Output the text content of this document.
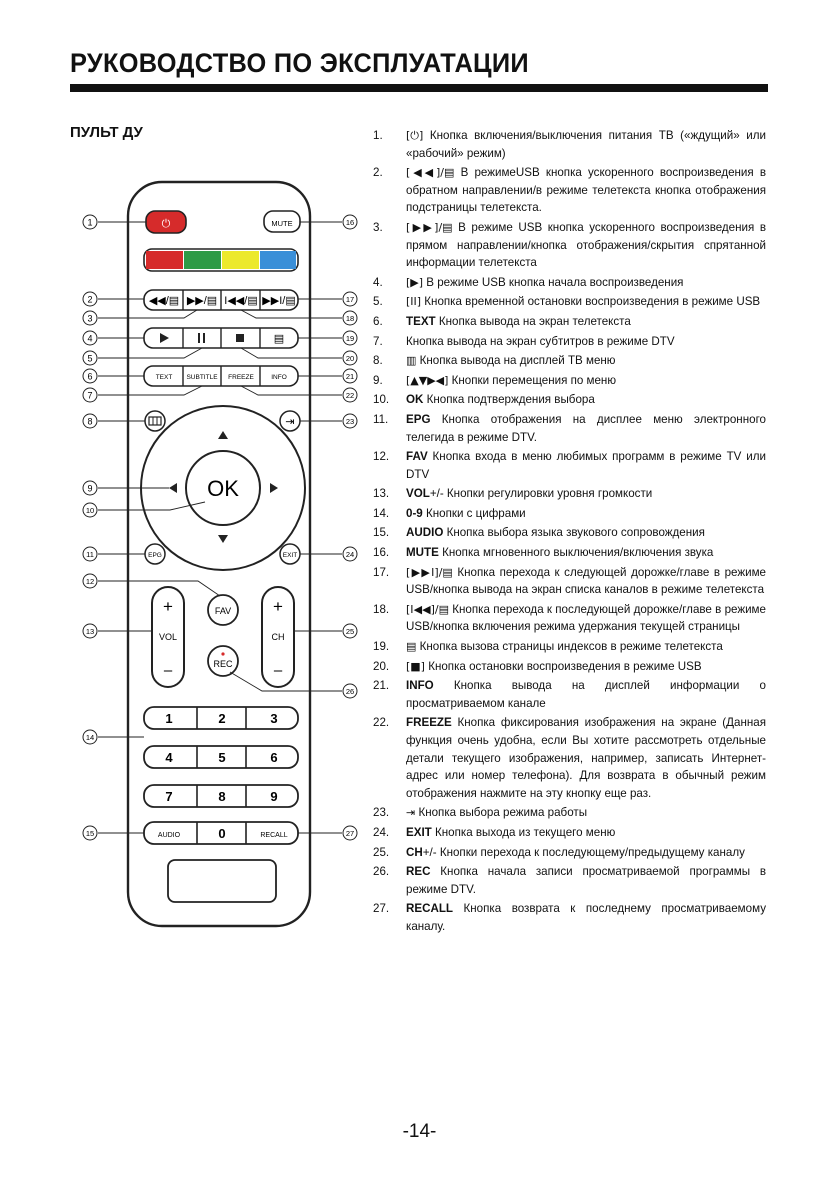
РУКОВОДСТВО ПО ЭКСПЛУАТАЦИИ
ПУЛЬТ ДУ
⏻	MUTE
◀◀/▤ ▶▶/▤ I◀◀/▤ ▶▶I/▤
▤
TEXT SUBTITLE FREEZE	INFO
⇥
OK
EPG	EXIT
+
VOL
–
+
CH
–
FAV
REC
1	2	3
4	5	6
7	8	9
AUDIO	0	RECALL
1
2
3
4
5
6
7
8
9
10
11
12
13
14
15
16
17
18
19
20
21
22
23
24
25
26
27
1.	[⏻] Кнопка включения/выключения питания ТВ («ждущий» или «рабочий» режим)
2.	[◀◀]/▤ В режимеUSB кнопка ускоренного воспроизведения в обратном направлении/в режиме телетекста кнопка отображения подстраницы телетекста.
3.	[▶▶]/▤ В режиме USB кнопка ускоренного воспроизведения в прямом направлении/кнопка отображения/скрытия спрятанной информации телетекста
4.	[▶] В режиме USB кнопка начала воспроизведения
5.	[II] Кнопка временной остановки воспроизведения в режиме USB
6.	TEXT Кнопка вывода на экран телетекста
7.	Кнопка вывода на экран субтитров в режиме DTV
8.	▥ Кнопка вывода на дисплей ТВ меню
9.	[▲▼▶◀] Кнопки перемещения по меню
10.	OK Кнопка подтверждения выбора
11.	EPG Кнопка отображения на дисплее меню электронного телегида в режиме DTV.
12.	FAV Кнопка входа в меню любимых программ в режиме TV или DTV
13.	VOL+/- Кнопки регулировки уровня громкости
14.	0-9 Кнопки с цифрами
15.	AUDIO Кнопка выбора языка звукового сопровождения
16.	MUTE Кнопка мгновенного выключения/включения звука
17.	[▶▶I]/▤ Кнопка перехода к следующей дорожке/главе в режиме USB/кнопка вывода на экран списка каналов в режиме телетекста
18.	[I◀◀]/▤ Кнопка перехода к последующей дорожке/главе в режиме USB/кнопка включения режима удержания текущей страницы
19.	▤ Кнопка вызова страницы индексов в режиме телетекста
20.	[■] Кнопка остановки воспроизведения в режиме USB
21.	INFO Кнопка вывода на дисплей информации о просматриваемом канале
22.	FREEZE Кнопка фиксирования изображения на экране (Данная функция очень удобна, если Вы хотите рассмотреть отдельные детали текущего изображения, например, записать Интернет-адрес или номер телефона). Для возврата в обычный режим отображения нажмите на эту кнопку еще раз.
23.	⇥ Кнопка выбора режима работы
24.	EXIT Кнопка выхода из текущего меню
25.	CH+/- Кнопки перехода к последующему/предыдущему каналу
26.	REC Кнопка начала записи просматриваемой программы в режиме DTV.
27.	RECALL Кнопка возврата к последнему просматриваемому каналу.
-14-
